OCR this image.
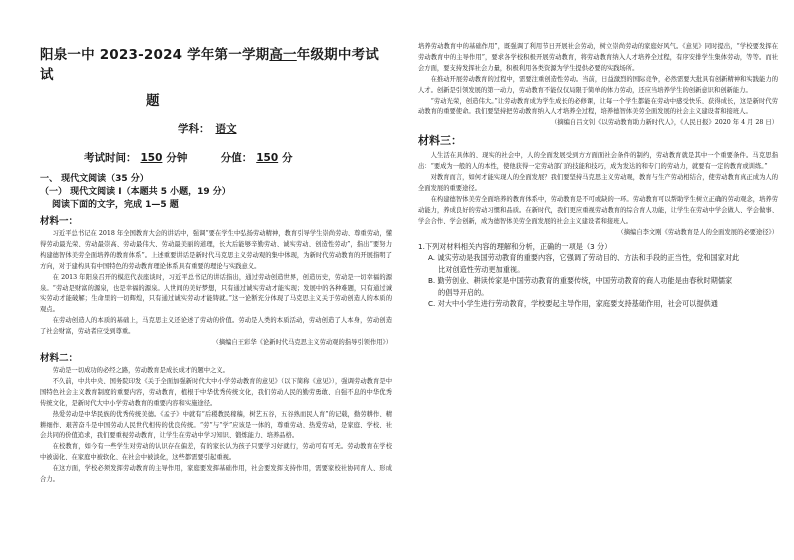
阳泉一中 2023-2024 学年第一学期高一年级期中考试试
题
学科： 语文
考试时间： 150 分钟	分值： 150 分
一、 现代文阅读（35 分）
（一） 现代文阅读 I（本题共 5 小题，19 分）
阅读下面的文字，完成 1—5 题
材料一：

习近平总书记在 2018 年全国教育大会的讲话中，强调“要在学生中弘扬劳动精神，教育引导学生崇尚劳动、尊重劳动，懂得劳动最光荣、劳动最崇高、劳动最伟大、劳动最美丽的道理，长大后能够辛勤劳动、诚实劳动、创造性劳动”，指出“要努力构建德智体美劳全面培养的教育体系”。上述重要讲话是新时代马克思主义劳动观的集中体现，为新时代劳动教育的开展指明了方向，对于建构具有中国特色的劳动教育理论体系具有重要的理论与实践意义。

在 2013 年阳泉召开的模范代表座谈时，习近平总书记的讲话指出，通过劳动创造世界，创造历史，劳动是一切幸福的源泉。“劳动是财富的源泉，也是幸福的源泉。人世间的美好梦想，只有通过诚实劳动才能实现；发展中的各种难题，只有通过诚实劳动才能破解；生命里的一切辉煌，只有通过诚实劳动才能铸就。”这一论断充分体现了马克思主义关于劳动创造人的本质的观点。

在劳动创造人的本质的基础上，马克思主义还论述了劳动的价值。劳动是人类的本质活动，劳动创造了人本身，劳动创造了社会财富，劳动者应受到尊重。

（摘编自王彩华《论新时代马克思主义劳动观的指导引领作用》）

材料二：

劳动是一切成功的必经之路，劳动教育是成长成才的题中之义。

不久前，中共中央、国务院印发《关于全面加强新时代大中小学劳动教育的意见》（以下简称《意见》），强调劳动教育是中国特色社会主义教育制度的重要内容，劳动教育，植根于中华优秀传统文化，我们劳动人民的勤劳勇敢、自强不息的中华优秀传统文化，是新时代大中小学劳动教育的重要内容和实施途径。

热爱劳动是中华民族的优秀传统美德。《孟子》中就有“后稷教民稼穑，树艺五谷，五谷熟而民人育”的记载，勤劳耕作、精耕细作、艰苦奋斗是中国劳动人民世代相传的优良传统。“劳”与“学”应该是一体的，尊重劳动、热爱劳动，是家庭、学校、社会共同的价值追求，我们要重视劳动教育，让学生在劳动中学习知识、锻炼能力、培养品格。

在校教育，如今有一些学生对劳动的认识存在偏差，有的家长认为孩子只要学习好就行，劳动可有可无。劳动教育在学校中被弱化、在家庭中被软化、在社会中被淡化，这些都需要引起重视。

在这方面，学校必须发挥劳动教育的主导作用，家庭要发挥基础作用，社会要发挥支持作用，需要家校社协同育人、形成合力。

培养劳动教育中的基础作用”，既强调了利用节日开展社会劳动，树立崇尚劳动的家庭好风气。《意见》同时提出，“学校要发挥在劳动教育中的主导作用”，要求各学校积极开展劳动教育，将劳动教育纳入人才培养全过程，有序安排学生集体劳动，等等。而社会方面，要支持发挥社会力量，积极利用各类资源为学生提供必要的实践场所。

在推动开展劳动教育的过程中，需要注重创造性劳动。当前，日益激烈的国际竞争，必然需要大批具有创新精神和实践能力的人才。创新是引领发展的第一动力，劳动教育不能仅仅局限于简单的体力劳动，还应当培养学生的创新意识和创新能力。

“劳动光荣，创造伟大。”让劳动教育成为学生成长的必修课，让每一个学生都能在劳动中感受快乐、获得成长，这是新时代劳动教育的重要使命。我们要坚持把劳动教育纳入人才培养全过程，培养德智体美劳全面发展的社会主义建设者和接班人。

（摘编自吕文钊《以劳动教育助力新时代人》，《人民日报》2020 年 4 月 28 日）

材料三：

人生活在具体的、现实的社会中，人的全面发展受到方方面面社会条件的制约，劳动教育就是其中一个重要条件。马克思指出：“要成为一般的人的本性，使他获得一定劳动部门的技能和技巧，成为发达的和专门的劳动力，就要有一定的教育或训练。”

对教育而言，如何才能实现人的全面发展？我们要坚持马克思主义劳动观，教育与生产劳动相结合，使劳动教育真正成为人的全面发展的重要途径。

在构建德智体美劳全面培养的教育体系中，劳动教育是不可或缺的一环。劳动教育可以帮助学生树立正确的劳动观念，培养劳动能力，养成良好的劳动习惯和品质。在新时代，我们更应重视劳动教育的综合育人功能，让学生在劳动中学会做人、学会做事、学会合作、学会创新，成为德智体美劳全面发展的社会主义建设者和接班人。

（摘编自李文刚《劳动教育是人的全面发展的必要途径》）

1.下列对材料相关内容的理解和分析，正确的一项是（3 分）

A. 诚实劳动是我国劳动教育的重要内容，它强调了劳动目的、方法和手段的正当性，党和国家对此

比对创造性劳动更加重视。

B. 勤劳创业、耕读传家是中国劳动教育的重要传统，中国劳动教育的商人功能是由春秋时期儒家

的倡导开启的。

C. 对大中小学生进行劳动教育，学校要起主导作用，家庭要支持基础作用，社会可以提供通
